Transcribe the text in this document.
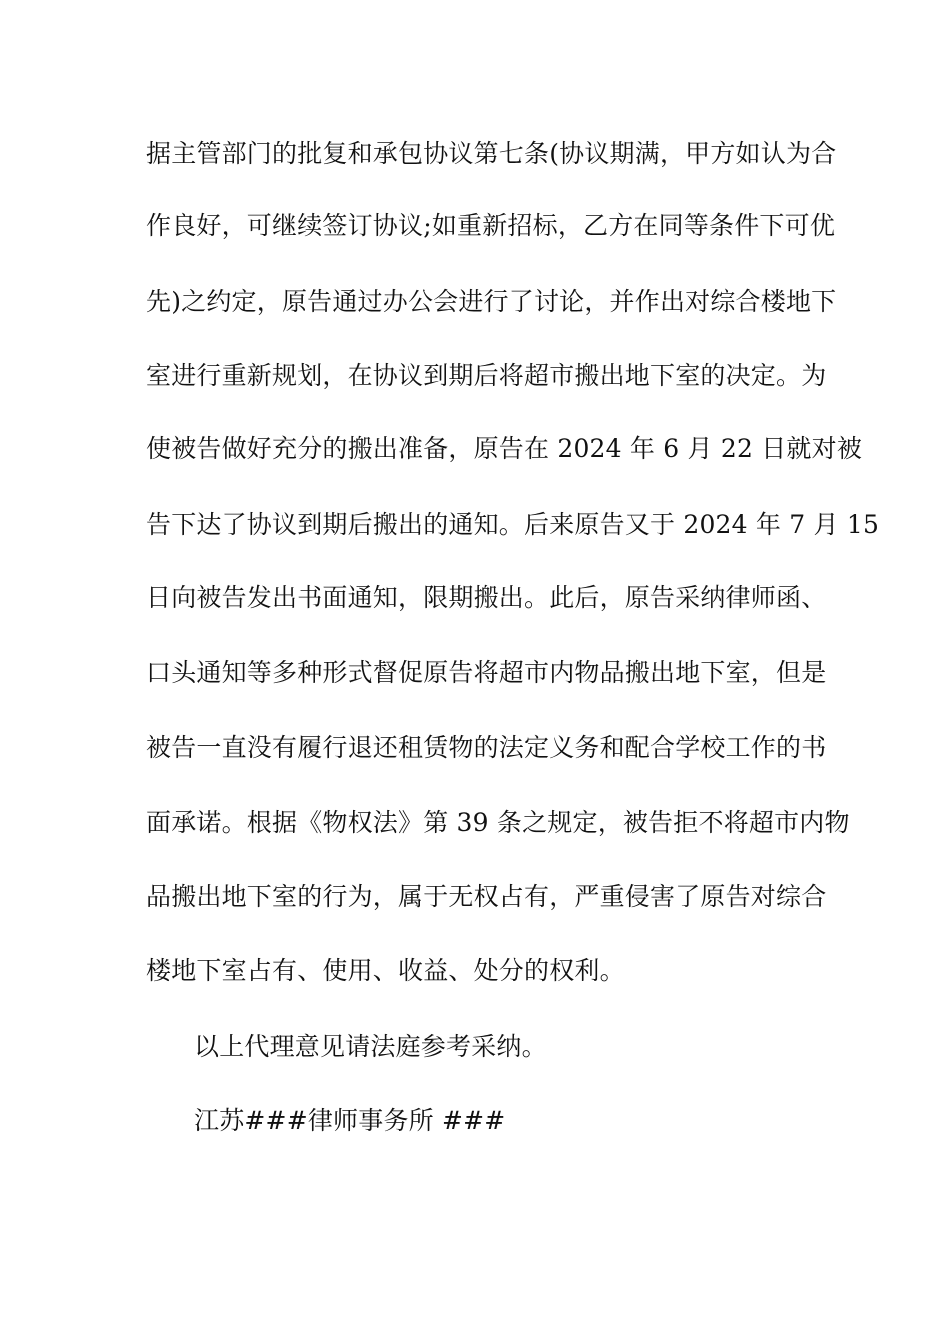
据主管部门的批复和承包协议第七条(协议期满，甲方如认为合
作良好，可继续签订协议;如重新招标，乙方在同等条件下可优
先)之约定，原告通过办公会进行了讨论，并作出对综合楼地下
室进行重新规划，在协议到期后将超市搬出地下室的决定。为
使被告做好充分的搬出准备，原告在 2024 年 6 月 22 日就对被
告下达了协议到期后搬出的通知。后来原告又于 2024 年 7 月 15
日向被告发出书面通知，限期搬出。此后，原告采纳律师函、
口头通知等多种形式督促原告将超市内物品搬出地下室，但是
被告一直没有履行退还租赁物的法定义务和配合学校工作的书
面承诺。根据《物权法》第 39 条之规定，被告拒不将超市内物
品搬出地下室的行为，属于无权占有，严重侵害了原告对综合
楼地下室占有、使用、收益、处分的权利。
以上代理意见请法庭参考采纳。
江苏###律师事务所 ###
